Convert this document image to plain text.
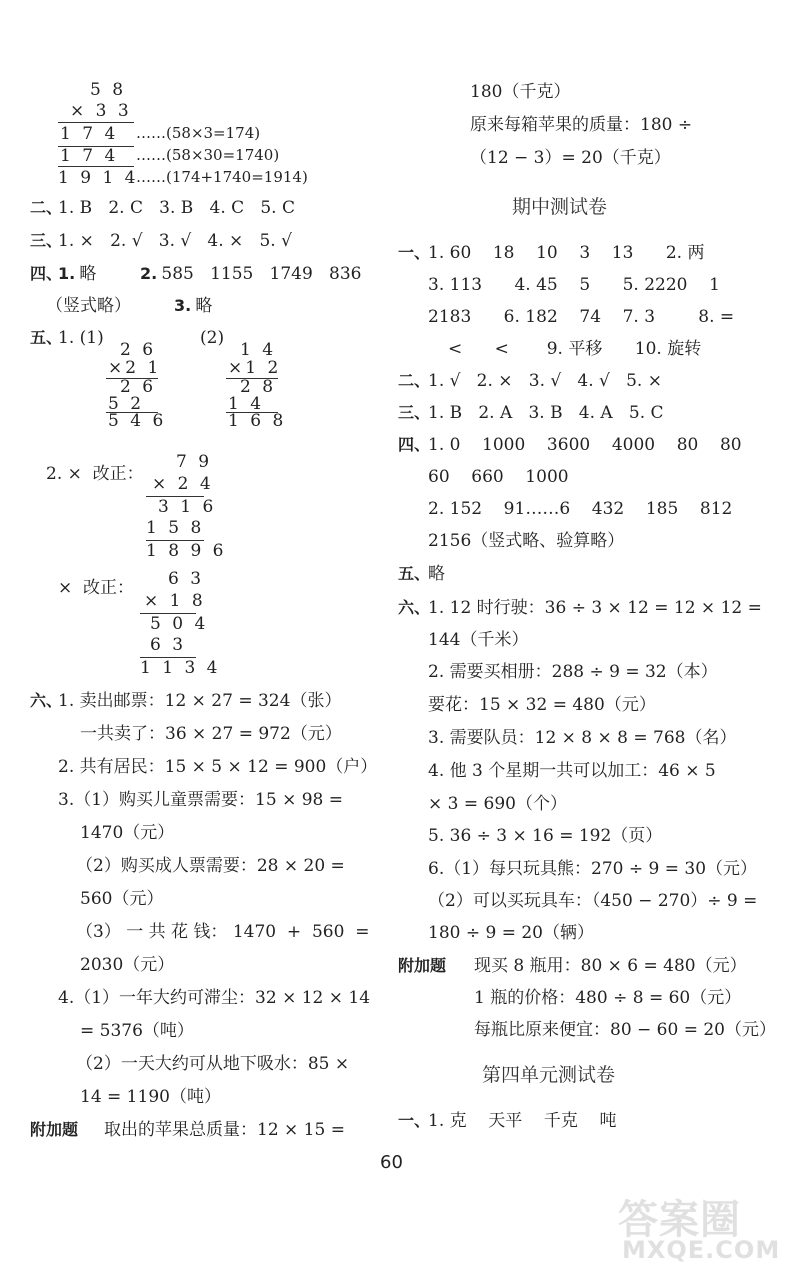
5 8
× 3 3
1 7 4 ……(58×3=174)
1 7 4 ……(58×30=1740)
1 9 1 4
……(174+1740=1914)
二、
1. B   2. C   3. B   4. C   5. C
三、
1. ×   2. √   3. √   4. ×   5. √
四、
1.
略	2.
585   1155   1749   836
（竖式略）	3.
略
五、
1. (1)	(2)
2 6
×2 1
2 6
5 2
5 4 6
1 4
×1 2
2 8
1 4
1 6 8
2. ×  改正：
7 9
× 2 4
3 1 6
1 5 8
1 8 9 6
×  改正： 6 3
× 1 8
5 0 4
6 3
1 1 3 4
六、
1. 卖出邮票：12 × 27 = 324（张）
一共卖了：36 × 27 = 972（元）
2. 共有居民：15 × 5 × 12 = 900（户）
3.（1）购买儿童票需要：15 × 98 =
1470（元）
（2）购买成人票需要：28 × 20 =
560（元）
（3） 一 共 花 钱： 1470  +  560  =
2030（元）
4.（1）一年大约可滞尘：32 × 12 × 14
= 5376（吨）
（2）一天大约可从地下吸水：85 ×
14 = 1190（吨）
附加题 取出的苹果总质量：12 × 15 =
180（千克）
原来每箱苹果的质量：180 ÷
（12 − 3）= 20（千克）
期中测试卷
一、
1. 60    18    10    3    13      2. 两
3. 113      4. 45    5      5. 2220    1
2183      6. 182    74    7. 3        8. =
<      <       9. 平移      10. 旋转
二、
1. √   2. ×   3. √   4. √   5. ×
三、
1. B   2. A   3. B   4. A   5. C
四、
1. 0    1000    3600    4000    80    80
60    660    1000
2. 152    91……6    432    185    812
2156（竖式略、验算略）
五、
略
六、
1. 12 时行驶：36 ÷ 3 × 12 = 12 × 12 =
144（千米）
2. 需要买相册：288 ÷ 9 = 32（本）
要花：15 × 32 = 480（元）
3. 需要队员：12 × 8 × 8 = 768（名）
4. 他 3 个星期一共可以加工：46 × 5
× 3 = 690（个）
5. 36 ÷ 3 × 16 = 192（页）
6.（1）每只玩具熊：270 ÷ 9 = 30（元）
（2）可以买玩具车：（450 − 270）÷ 9 =
180 ÷ 9 = 20（辆）
附加题 现买 8 瓶用：80 × 6 = 480（元）
1 瓶的价格：480 ÷ 8 = 60（元）
每瓶比原来便宜：80 − 60 = 20（元）
第四单元测试卷
一、
1. 克    天平    千克    吨
60
答案圈
MXQE.COM
